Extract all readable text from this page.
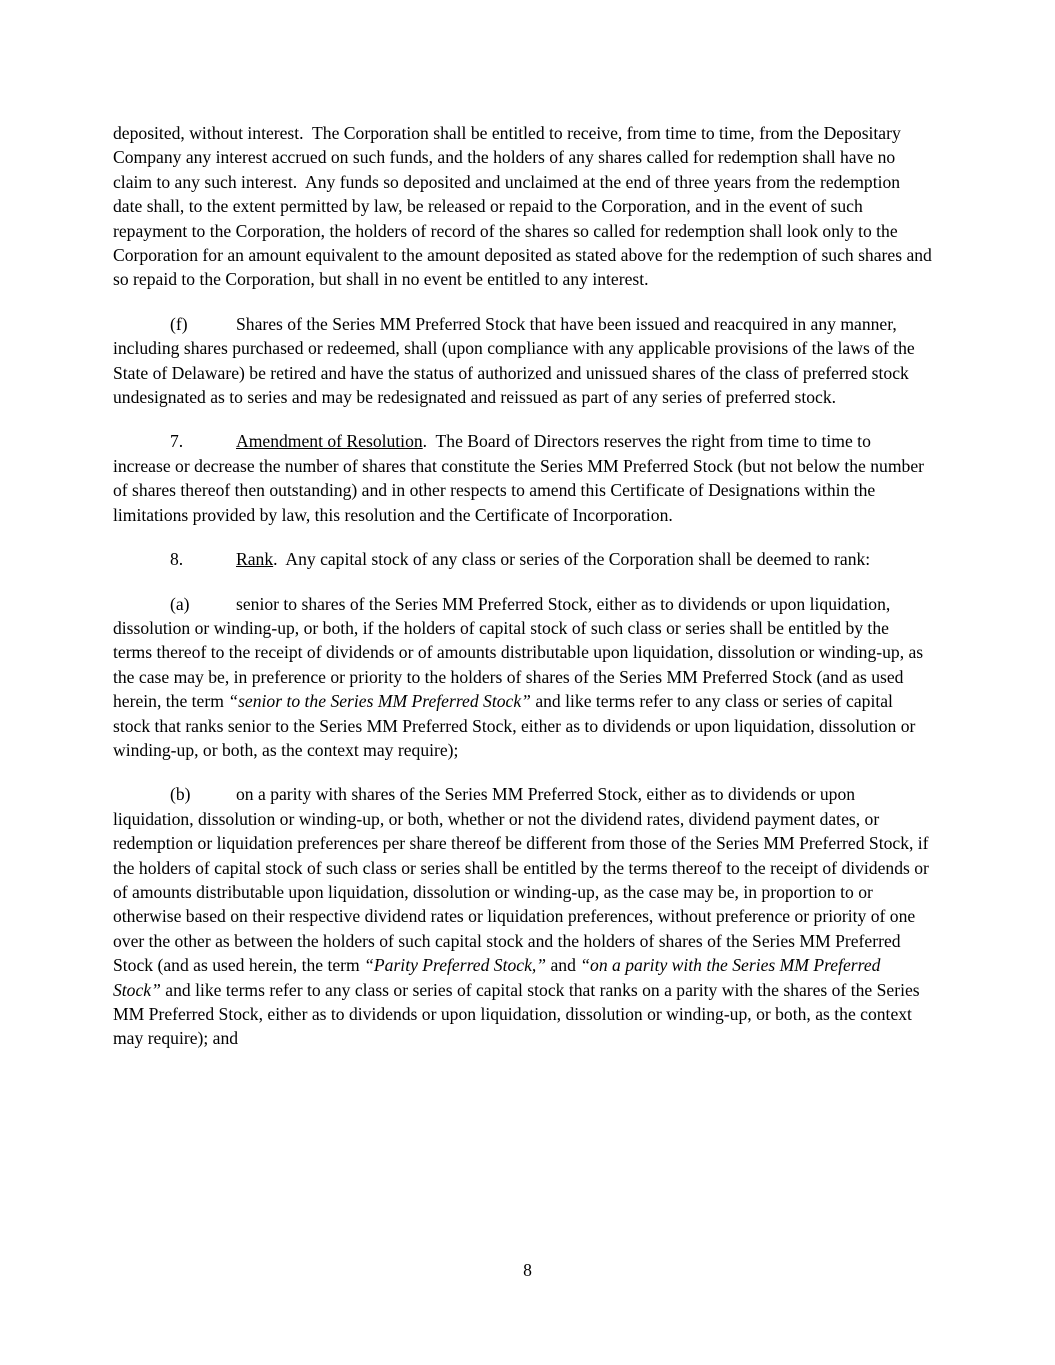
deposited, without interest.  The Corporation shall be entitled to receive, from time to time, from the Depositary Company any interest accrued on such funds, and the holders of any shares called for redemption shall have no claim to any such interest.  Any funds so deposited and unclaimed at the end of three years from the redemption date shall, to the extent permitted by law, be released or repaid to the Corporation, and in the event of such repayment to the Corporation, the holders of record of the shares so called for redemption shall look only to the Corporation for an amount equivalent to the amount deposited as stated above for the redemption of such shares and so repaid to the Corporation, but shall in no event be entitled to any interest.

(f)	Shares of the Series MM Preferred Stock that have been issued and reacquired in any manner, including shares purchased or redeemed, shall (upon compliance with any applicable provisions of the laws of the State of Delaware) be retired and have the status of authorized and unissued shares of the class of preferred stock undesignated as to series and may be redesignated and reissued as part of any series of preferred stock.

7.	Amendment of Resolution.  The Board of Directors reserves the right from time to time to increase or decrease the number of shares that constitute the Series MM Preferred Stock (but not below the number of shares thereof then outstanding) and in other respects to amend this Certificate of Designations within the limitations provided by law, this resolution and the Certificate of Incorporation.

8.	Rank.  Any capital stock of any class or series of the Corporation shall be deemed to rank:

(a)	senior to shares of the Series MM Preferred Stock, either as to dividends or upon liquidation, dissolution or winding-up, or both, if the holders of capital stock of such class or series shall be entitled by the terms thereof to the receipt of dividends or of amounts distributable upon liquidation, dissolution or winding-up, as the case may be, in preference or priority to the holders of shares of the Series MM Preferred Stock (and as used herein, the term “senior to the Series MM Preferred Stock” and like terms refer to any class or series of capital stock that ranks senior to the Series MM Preferred Stock, either as to dividends or upon liquidation, dissolution or winding-up, or both, as the context may require);

(b)	on a parity with shares of the Series MM Preferred Stock, either as to dividends or upon liquidation, dissolution or winding-up, or both, whether or not the dividend rates, dividend payment dates, or redemption or liquidation preferences per share thereof be different from those of the Series MM Preferred Stock, if the holders of capital stock of such class or series shall be entitled by the terms thereof to the receipt of dividends or of amounts distributable upon liquidation, dissolution or winding-up, as the case may be, in proportion to or otherwise based on their respective dividend rates or liquidation preferences, without preference or priority of one over the other as between the holders of such capital stock and the holders of shares of the Series MM Preferred Stock (and as used herein, the term “Parity Preferred Stock,” and “on a parity with the Series MM Preferred Stock” and like terms refer to any class or series of capital stock that ranks on a parity with the shares of the Series MM Preferred Stock, either as to dividends or upon liquidation, dissolution or winding-up, or both, as the context may require); and

8
